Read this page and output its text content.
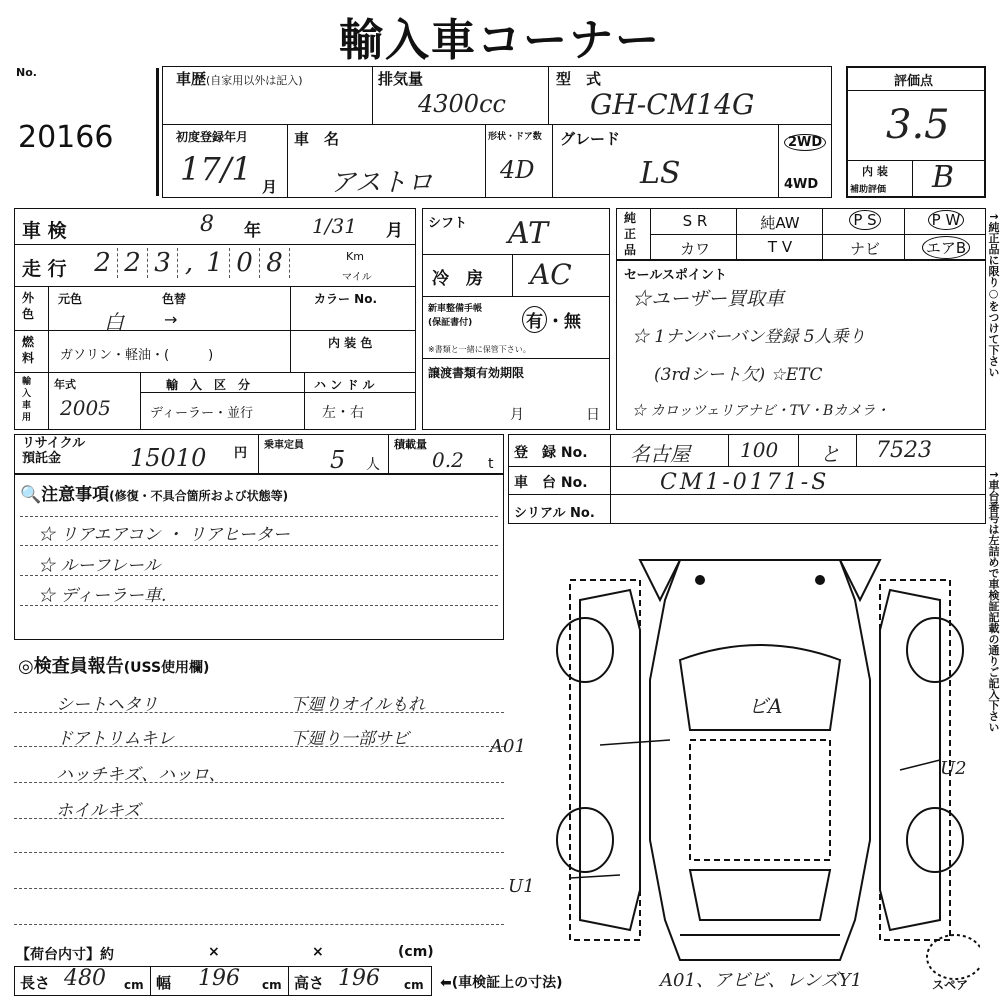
輸入車コーナー
No.
20166
車歴(自家用以外は記入)	排気量
4300cc
型　式
GH-CM14G
初度登録年月
17/1 月
車　名
アストロ
形状・ドア数
4D
グレード
LS
2WD
4WD
評価点
3.5
内 装
補助評価 B
車 検	8 年	1/31 月
走 行 2 2 3 , 1 0 8	Km
マイル
外
色
元色	色替
白	→
カラー No.
内 装 色
燃
料 ガソリン・軽油・(　　　)
輸入車用
年式
2005
輸　入　区　分
ディーラー・並行
ハ ン ド ル
左・右
シフト AT
冷　房 AC
新車整備手帳
(保証書付)	有 ・無
※書類と一緒に保管下さい。
譲渡書類有効期限
月	日
純
正
品
S R	純AW	P S	P W
カワ	T V	ナビ	エアB	↑純正品に限り○をつけて下さい
↑車台番号は左詰めで車検証記載の通りご記入下さい
セールスポイント
☆ユーザー買取車
☆ 1ナンバーバン登録 5人乗り
(3rdシート欠) ☆ETC
☆ カロッツェリアナビ・TV・Bカメラ・
リサイクル
預託金	15010 円
乗車定員
5 人
積載量
0.2 t
登　録 No. 名古屋	100 と 7523
車　台 No.	CM1-0171-S
シリアル No.
🔍注意事項(修復・不具合箇所および状態等)
☆ リアエアコン ・ リアヒーター
☆ ルーフレール
☆ ディーラー車.
◎検査員報告(USS使用欄)
シートヘタリ
ドアトリムキレ
ハッチキズ、ハッロ、
ホイルキズ
下廻りオイルもれ
下廻り一部サビ
ビA
A01
U2
U1
スペア
【荷台内寸】約	×	×	(cm)
長さ 480 cm 幅 196 cm 高さ 196 cm ⬅(車検証上の寸法)	A01、アビビ、レンズY1
